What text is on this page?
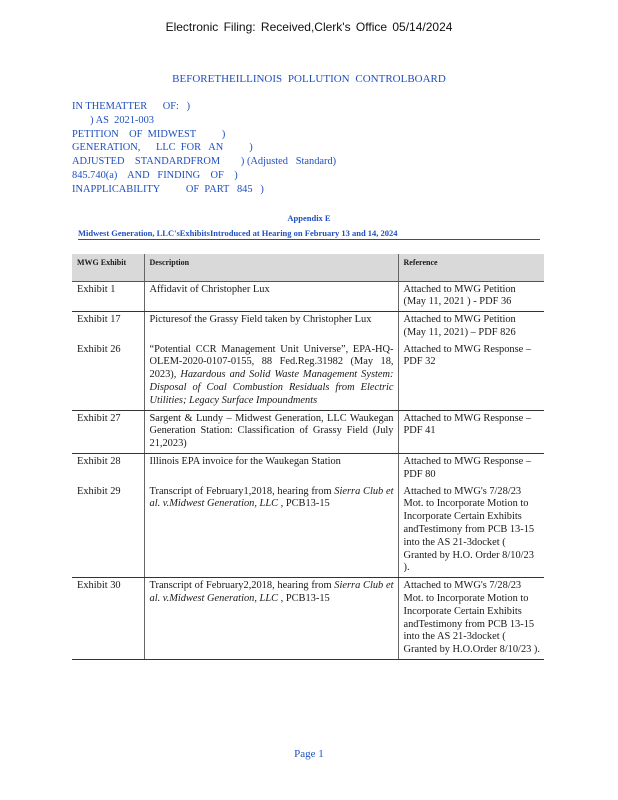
Electronic Filing: Received,Clerk's Office 05/14/2024
BEFORETHEILLINOIS POLLUTION CONTROLBOARD
IN THEMATTER      OF:   )
) AS  2021-003
PETITION    OF  MIDWEST          )
GENERATION,      LLC  FOR   AN          )
ADJUSTED    STANDARDFROM        ) (Adjusted   Standard)
845.740(a)    AND   FINDING    OF    )
INAPPLICABILITY          OF  PART   845   )
Appendix E
Midwest Generation, LLC'sExhibitsIntroduced at Hearing on February 13 and 14, 2024
MWG Exhibit	Description	Reference
Exhibit 1	Affidavit of Christopher Lux	Attached to MWG Petition (May 11, 2021 ) - PDF 36
Exhibit 17	Picturesof the Grassy Field taken by Christopher Lux	Attached to MWG Petition (May 11, 2021) – PDF 826
Exhibit 26	“Potential CCR Management Unit Universe”, EPA-HQ-OLEM-2020-0107-0155, 88 Fed.Reg.31982 (May 18, 2023), Hazardous and Solid Waste Management System: Disposal of Coal Combustion Residuals from Electric Utilities; Legacy Surface Impoundments	Attached to MWG Response – PDF 32
Exhibit 27	Sargent & Lundy – Midwest Generation, LLC Waukegan Generation Station: Classification of Grassy Field (July 21,2023)	Attached to MWG Response – PDF 41
Exhibit 28	Illinois EPA invoice for the Waukegan Station	Attached to MWG Response – PDF 80
Exhibit 29	Transcript of February1,2018, hearing from Sierra Club et al. v.Midwest Generation, LLC , PCB13-15	Attached to MWG's 7/28/23 Mot. to Incorporate Motion to Incorporate Certain Exhibits andTestimony from PCB 13-15 into the AS 21-3docket ( Granted by H.O. Order 8/10/23 ).
Exhibit 30	Transcript of February2,2018, hearing from Sierra Club et al. v.Midwest Generation, LLC , PCB13-15	Attached to MWG's 7/28/23 Mot. to Incorporate Motion to Incorporate Certain Exhibits andTestimony from PCB 13-15 into the AS 21-3docket ( Granted by H.O.Order 8/10/23 ).
Page 1
